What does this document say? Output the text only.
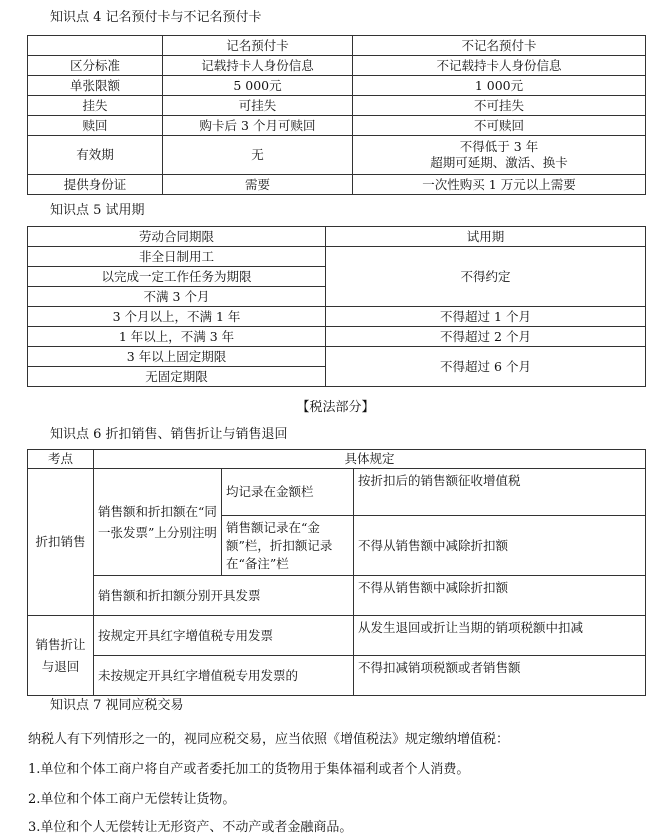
知识点 4 记名预付卡与不记名预付卡
	记名预付卡	不记名预付卡
区分标准	记载持卡人身份信息	不记载持卡人身份信息
单张限额	5 000元	1 000元
挂失	可挂失	不可挂失
赎回	购卡后 3 个月可赎回	不可赎回
有效期	无	不得低于 3 年
超期可延期、激活、换卡

提供身份证	需要	一次性购买 1 万元以上需要
知识点 5 试用期
劳动合同期限	试用期
非全日制用工	不得约定
以完成一定工作任务为期限	
不满 3 个月	
3 个月以上，不满 1 年	不得超过 1 个月
1 年以上，不满 3 年	不得超过 2 个月
3 年以上固定期限	不得超过 6 个月
无固定期限	
【税法部分】
知识点 6 折扣销售、销售折让与销售退回
考点	具体规定		
折扣销售	销售额和折扣额在“同一张发票”上分别注明	均记录在金额栏	按折扣后的销售额征收增值税
		销售额记录在“金额”栏，折扣额记录在“备注”栏	不得从销售额中减除折扣额
	销售额和折扣额分别开具发票		不得从销售额中减除折扣额
销售折让与退回	按规定开具红字增值税专用发票		从发生退回或折让当期的销项税额中扣减
	未按规定开具红字增值税专用发票的		不得扣减销项税额或者销售额
知识点 7 视同应税交易
纳税人有下列情形之一的，视同应税交易，应当依照《增值税法》规定缴纳增值税：
1.单位和个体工商户将自产或者委托加工的货物用于集体福利或者个人消费。
2.单位和个体工商户无偿转让货物。
3.单位和个人无偿转让无形资产、不动产或者金融商品。
